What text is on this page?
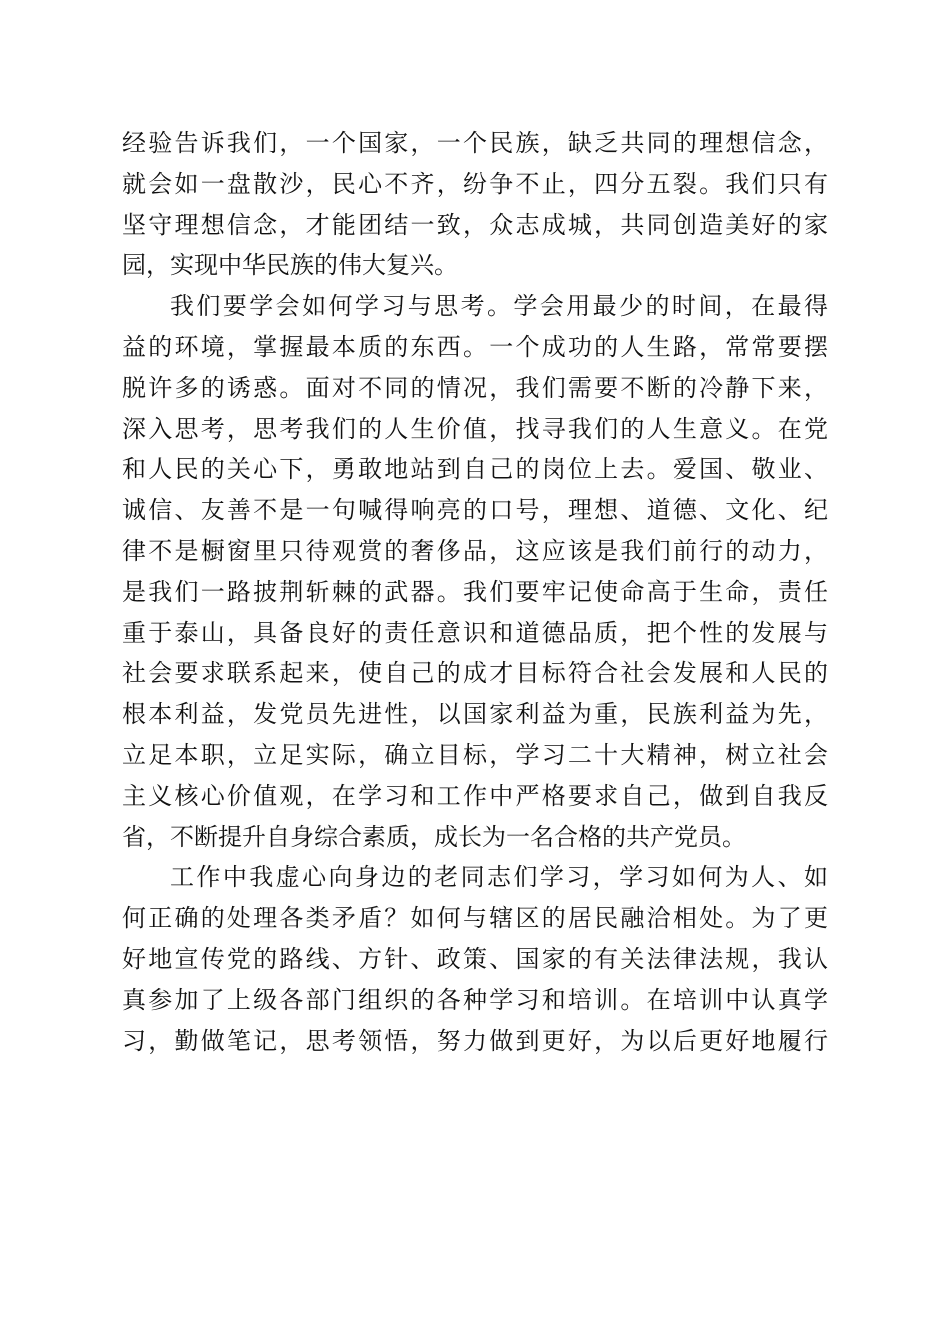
经验告诉我们，一个国家，一个民族，缺乏共同的理想信念，
就会如一盘散沙，民心不齐，纷争不止，四分五裂。我们只有
坚守理想信念，才能团结一致，众志成城，共同创造美好的家
园，实现中华民族的伟大复兴。
我们要学会如何学习与思考。学会用最少的时间，在最得
益的环境，掌握最本质的东西。一个成功的人生路，常常要摆
脱许多的诱惑。面对不同的情况，我们需要不断的冷静下来，
深入思考，思考我们的人生价值，找寻我们的人生意义。在党
和人民的关心下，勇敢地站到自己的岗位上去。爱国、敬业、
诚信、友善不是一句喊得响亮的口号，理想、道德、文化、纪
律不是橱窗里只待观赏的奢侈品，这应该是我们前行的动力，
是我们一路披荆斩棘的武器。我们要牢记使命高于生命，责任
重于泰山，具备良好的责任意识和道德品质，把个性的发展与
社会要求联系起来，使自己的成才目标符合社会发展和人民的
根本利益，发党员先进性，以国家利益为重，民族利益为先，
立足本职，立足实际，确立目标，学习二十大精神，树立社会
主义核心价值观，在学习和工作中严格要求自己，做到自我反
省，不断提升自身综合素质，成长为一名合格的共产党员。
工作中我虚心向身边的老同志们学习，学习如何为人、如
何正确的处理各类矛盾？如何与辖区的居民融洽相处。为了更
好地宣传党的路线、方针、政策、国家的有关法律法规，我认
真参加了上级各部门组织的各种学习和培训。在培训中认真学
习，勤做笔记，思考领悟，努力做到更好，为以后更好地履行
